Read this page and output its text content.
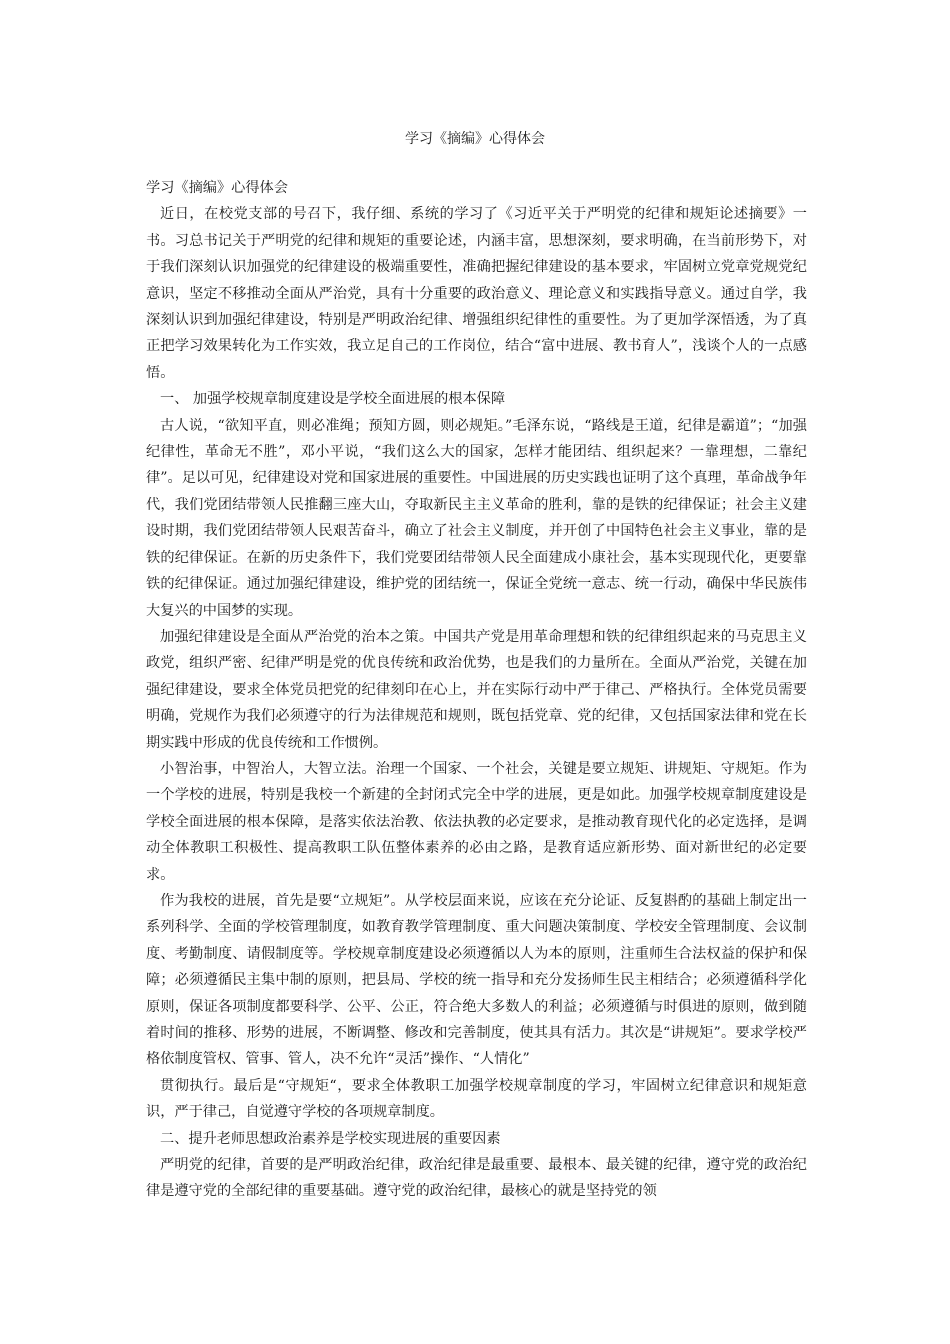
学习《摘编》心得体会

学习《摘编》心得体会

近日，在校党支部的号召下，我仔细、系统的学习了《习近平关于严明党的纪律和规矩论述摘要》一书。习总书记关于严明党的纪律和规矩的重要论述，内涵丰富，思想深刻，要求明确，在当前形势下，对于我们深刻认识加强党的纪律建设的极端重要性，准确把握纪律建设的基本要求，牢固树立党章党规党纪意识，坚定不移推动全面从严治党，具有十分重要的政治意义、理论意义和实践指导意义。通过自学，我深刻认识到加强纪律建设，特别是严明政治纪律、增强组织纪律性的重要性。为了更加学深悟透，为了真正把学习效果转化为工作实效，我立足自己的工作岗位，结合“富中进展、教书育人”，浅谈个人的一点感悟。

一、 加强学校规章制度建设是学校全面进展的根本保障

古人说，“欲知平直，则必准绳；预知方圆，则必规矩。”毛泽东说，“路线是王道，纪律是霸道”；“加强纪律性，革命无不胜”，邓小平说，“我们这么大的国家，怎样才能团结、组织起来？一靠理想，二靠纪律”。足以可见，纪律建设对党和国家进展的重要性。中国进展的历史实践也证明了这个真理，革命战争年代，我们党团结带领人民推翻三座大山，夺取新民主主义革命的胜利，靠的是铁的纪律保证；社会主义建设时期，我们党团结带领人民艰苦奋斗，确立了社会主义制度，并开创了中国特色社会主义事业，靠的是铁的纪律保证。在新的历史条件下，我们党要团结带领人民全面建成小康社会，基本实现现代化，更要靠铁的纪律保证。通过加强纪律建设，维护党的团结统一，保证全党统一意志、统一行动，确保中华民族伟大复兴的中国梦的实现。

加强纪律建设是全面从严治党的治本之策。中国共产党是用革命理想和铁的纪律组织起来的马克思主义政党，组织严密、纪律严明是党的优良传统和政治优势，也是我们的力量所在。全面从严治党，关键在加强纪律建设，要求全体党员把党的纪律刻印在心上，并在实际行动中严于律己、严格执行。全体党员需要明确，党规作为我们必须遵守的行为法律规范和规则，既包括党章、党的纪律，又包括国家法律和党在长期实践中形成的优良传统和工作惯例。

小智治事，中智治人，大智立法。治理一个国家、一个社会，关键是要立规矩、讲规矩、守规矩。作为一个学校的进展，特别是我校一个新建的全封闭式完全中学的进展，更是如此。加强学校规章制度建设是学校全面进展的根本保障，是落实依法治教、依法执教的必定要求，是推动教育现代化的必定选择，是调动全体教职工积极性、提高教职工队伍整体素养的必由之路，是教育适应新形势、面对新世纪的必定要求。

作为我校的进展，首先是要“立规矩”。从学校层面来说，应该在充分论证、反复斟酌的基础上制定出一系列科学、全面的学校管理制度，如教育教学管理制度、重大问题决策制度、学校安全管理制度、会议制度、考勤制度、请假制度等。学校规章制度建设必须遵循以人为本的原则，注重师生合法权益的保护和保障；必须遵循民主集中制的原则，把县局、学校的统一指导和充分发扬师生民主相结合；必须遵循科学化原则，保证各项制度都要科学、公平、公正，符合绝大多数人的利益；必须遵循与时俱进的原则，做到随着时间的推移、形势的进展，不断调整、修改和完善制度，使其具有活力。其次是“讲规矩”。要求学校严格依制度管权、管事、管人，决不允许“灵活”操作、“人情化”

贯彻执行。最后是“守规矩“，要求全体教职工加强学校规章制度的学习，牢固树立纪律意识和规矩意识，严于律己，自觉遵守学校的各项规章制度。

二、提升老师思想政治素养是学校实现进展的重要因素

严明党的纪律，首要的是严明政治纪律，政治纪律是最重要、最根本、最关键的纪律，遵守党的政治纪律是遵守党的全部纪律的重要基础。遵守党的政治纪律，最核心的就是坚持党的领
